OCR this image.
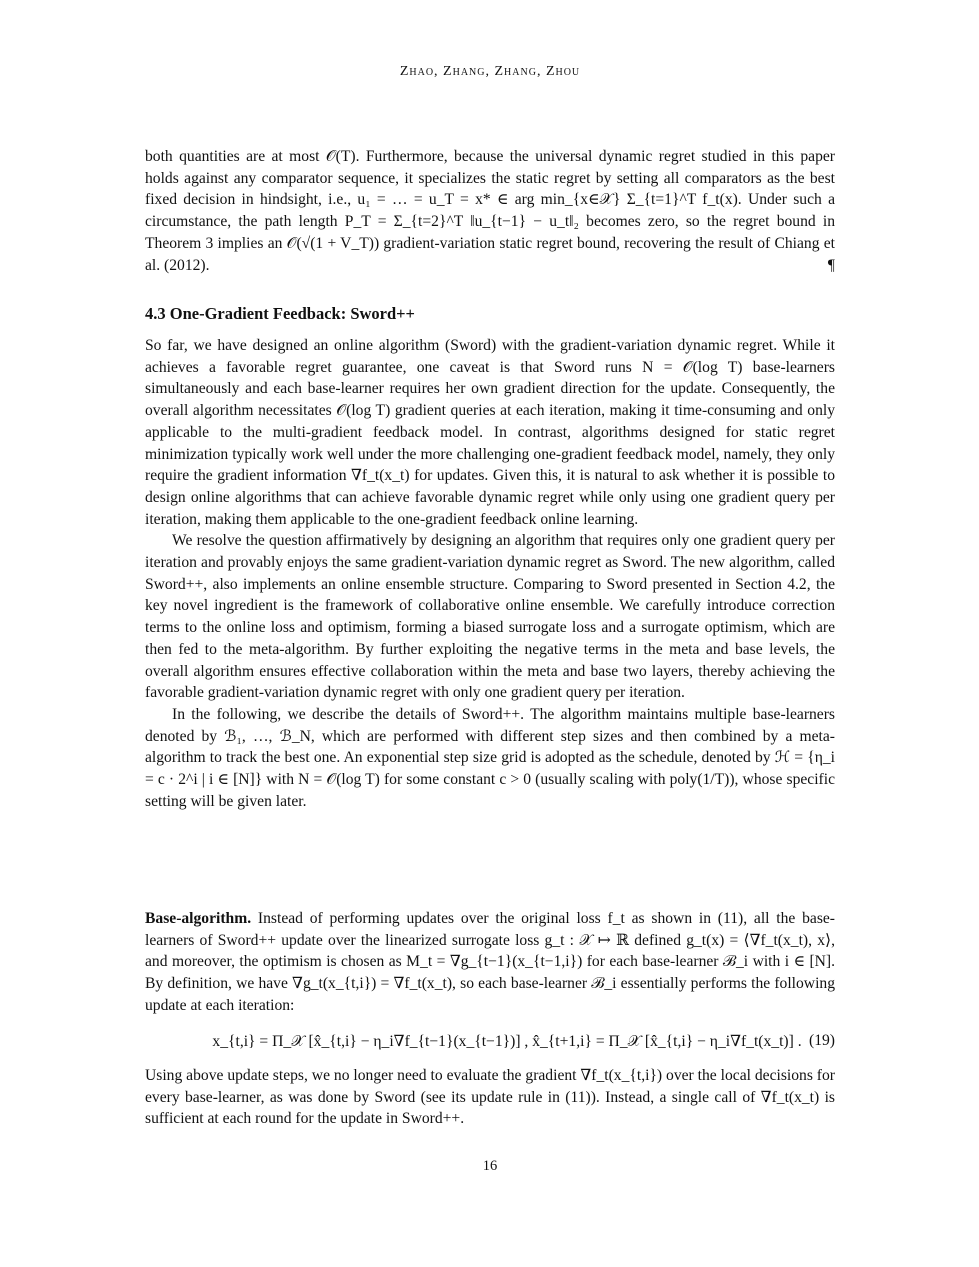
Zhao, Zhang, Zhang, Zhou

both quantities are at most 𝒪(T). Furthermore, because the universal dynamic regret studied in this paper holds against any comparator sequence, it specializes the static regret by setting all comparators as the best fixed decision in hindsight, i.e., u₁ = … = u_T = x* ∈ arg min_{x∈𝒳} Σ_{t=1}^T f_t(x). Under such a circumstance, the path length P_T = Σ_{t=2}^T ‖u_{t−1} − u_t‖₂ becomes zero, so the regret bound in Theorem 3 implies an 𝒪(√(1 + V_T)) gradient-variation static regret bound, recovering the result of Chiang et al. (2012).	¶

4.3 One-Gradient Feedback: Sword++

So far, we have designed an online algorithm (Sword) with the gradient-variation dynamic regret. While it achieves a favorable regret guarantee, one caveat is that Sword runs N = 𝒪(log T) base-learners simultaneously and each base-learner requires her own gradient direction for the update. Consequently, the overall algorithm necessitates 𝒪(log T) gradient queries at each iteration, making it time-consuming and only applicable to the multi-gradient feedback model. In contrast, algorithms designed for static regret minimization typically work well under the more challenging one-gradient feedback model, namely, they only require the gradient information ∇f_t(x_t) for updates. Given this, it is natural to ask whether it is possible to design online algorithms that can achieve favorable dynamic regret while only using one gradient query per iteration, making them applicable to the one-gradient feedback online learning.

We resolve the question affirmatively by designing an algorithm that requires only one gradient query per iteration and provably enjoys the same gradient-variation dynamic regret as Sword. The new algorithm, called Sword++, also implements an online ensemble structure. Comparing to Sword presented in Section 4.2, the key novel ingredient is the framework of collaborative online ensemble. We carefully introduce correction terms to the online loss and optimism, forming a biased surrogate loss and a surrogate optimism, which are then fed to the meta-algorithm. By further exploiting the negative terms in the meta and base levels, the overall algorithm ensures effective collaboration within the meta and base two layers, thereby achieving the favorable gradient-variation dynamic regret with only one gradient query per iteration.

In the following, we describe the details of Sword++. The algorithm maintains multiple base-learners denoted by ℬ₁, …, ℬ_N, which are performed with different step sizes and then combined by a meta-algorithm to track the best one. An exponential step size grid is adopted as the schedule, denoted by ℋ = {η_i = c · 2^i | i ∈ [N]} with N = 𝒪(log T) for some constant c > 0 (usually scaling with poly(1/T)), whose specific setting will be given later.

Base-algorithm. Instead of performing updates over the original loss f_t as shown in (11), all the base-learners of Sword++ update over the linearized surrogate loss g_t : 𝒳 ↦ ℝ defined g_t(x) = ⟨∇f_t(x_t), x⟩, and moreover, the optimism is chosen as M_t = ∇g_{t−1}(x_{t−1,i}) for each base-learner ℬ_i with i ∈ [N]. By definition, we have ∇g_t(x_{t,i}) = ∇f_t(x_t), so each base-learner ℬ_i essentially performs the following update at each iteration:

x_{t,i} = Π_𝒳 [x̂_{t,i} − η_i∇f_{t−1}(x_{t−1})] , x̂_{t+1,i} = Π_𝒳 [x̂_{t,i} − η_i∇f_t(x_t)] . (19)

Using above update steps, we no longer need to evaluate the gradient ∇f_t(x_{t,i}) over the local decisions for every base-learner, as was done by Sword (see its update rule in (11)). Instead, a single call of ∇f_t(x_t) is sufficient at each round for the update in Sword++.

16
